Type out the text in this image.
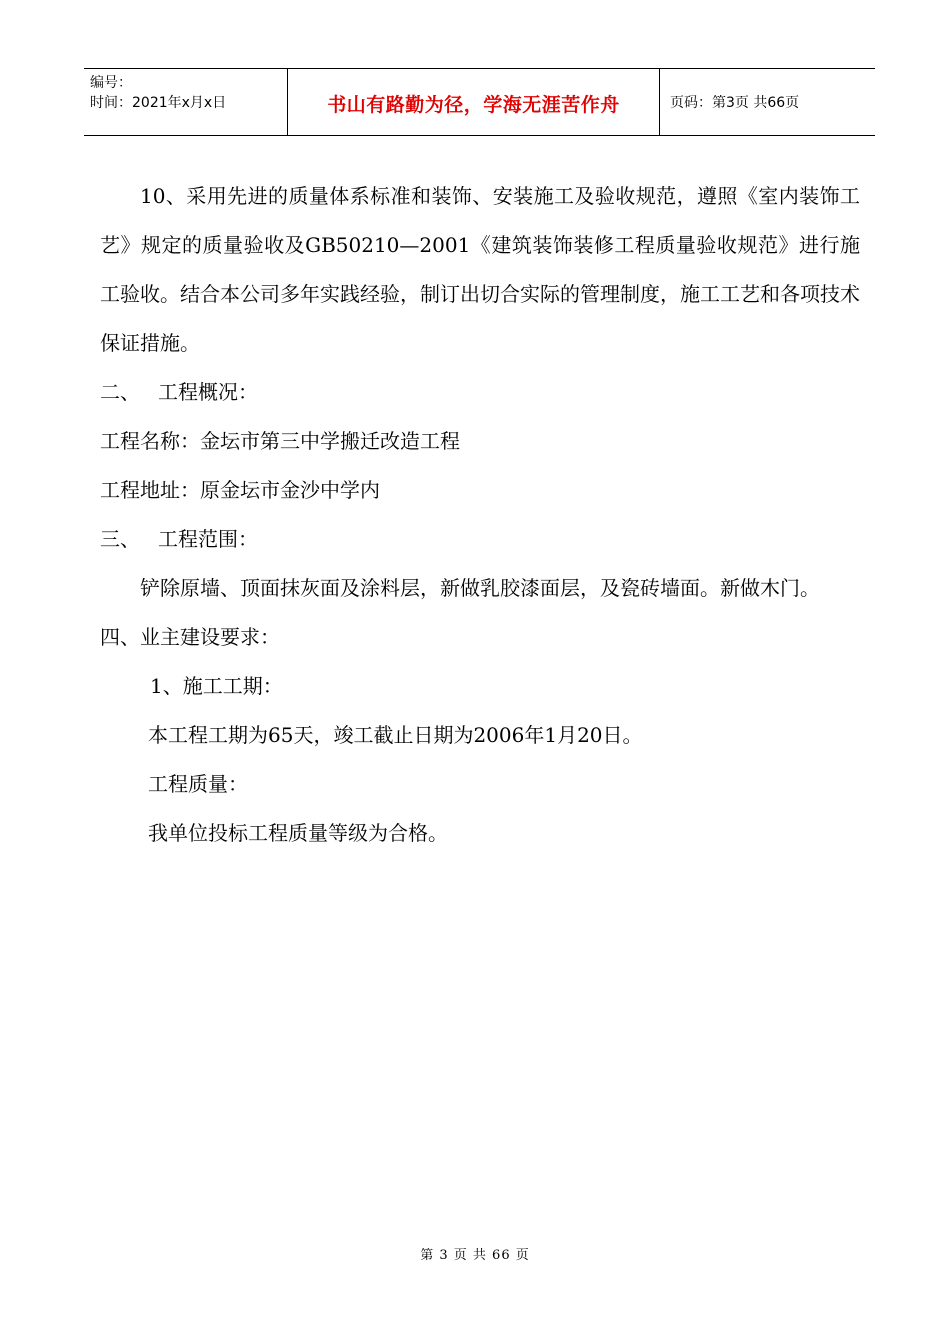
编号：
时间：2021年x月x日	书山有路勤为径，学海无涯苦作舟	页码：第3页 共66页

10、采用先进的质量体系标准和装饰、安装施工及验收规范，遵照《室内装饰工艺》规定的质量验收及GB50210—2001《建筑装饰装修工程质量验收规范》进行施工验收。结合本公司多年实践经验，制订出切合实际的管理制度，施工工艺和各项技术保证措施。

二、 工程概况：

工程名称：金坛市第三中学搬迁改造工程

工程地址：原金坛市金沙中学内

三、 工程范围：

铲除原墙、顶面抹灰面及涂料层，新做乳胶漆面层，及瓷砖墙面。新做木门。

四、业主建设要求：

1、施工工期：

本工程工期为65天，竣工截止日期为2006年1月20日。

工程质量：

我单位投标工程质量等级为合格。

第 3 页 共 66 页
